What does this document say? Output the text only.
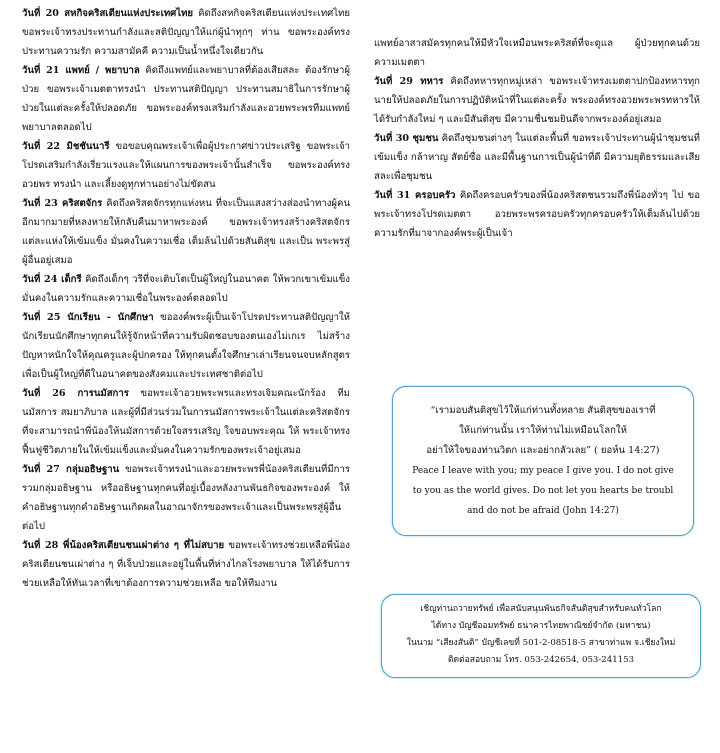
วันที่ 20 สหกิจคริสเตียนแห่งประเทศไทย คิดถึงสหกิจคริสเตียนแห่งประเทศไทย ขอพระเจ้าทรงประทานกำลังและสติปัญญาให้แก่ผู้นำทุกๆ ท่าน ขอพระองค์ทรงประทานความรัก ความสามัคคี ความเป็นน้ำหนึ่งใจเดียวกัน

วันที่ 21 แพทย์ / พยาบาล คิดถึงแพทย์และพยาบาลที่ต้องเสียสละ ต้องรักษาผู้ป่วย ขอพระเจ้าเมตตาทรงนำ ประทานสติปัญญา ประทานสมาธิในการรักษาผู้ป่วยในแต่ละครั้งให้ปลอดภัย ขอพระองค์ทรงเสริมกำลังและอวยพระพรทีมแพทย์พยาบาลตลอดไป

วันที่ 22 มิชชันนารี ขอขอบคุณพระเจ้าเพื่อผู้ประกาศข่าวประเสริฐ ขอพระเจ้าโปรดเสริมกำลังเรี่ยวแรงและให้แผนการของพระเจ้านั้นสำเร็จ ขอพระองค์ทรงอวยพร ทรงนำ และเลี้ยงดูทุกท่านอย่างไม่ขัดสน

วันที่ 23 คริสตจักร คิดถึงคริสตจักรทุกแห่งหน ที่จะเป็นแสงสว่างส่องนำทางผู้คนอีกมากมายที่หลงหายให้กลับคืนมาหาพระองค์ ขอพระเจ้าทรงสร้างคริสตจักรแต่ละแห่งให้เข้มแข็ง มั่นคงในความเชื่อ เต็มล้นไปด้วยสันติสุข และเป็น พระพรสู่ผู้อื่นอยู่เสมอ

วันที่ 24 เด็กรี คิดถึงเด็กๆ วรีที่จะเติบโตเป็นผู้ใหญ่ในอนาคต ให้พวกเขาเข้มแข็ง มั่นคงในความรักและความเชื่อในพระองค์ตลอดไป

วันที่ 25 นักเรียน - นักศึกษา ขอองค์พระผู้เป็นเจ้าโปรดประทานสติปัญญาให้นักเรียนนักศึกษาทุกคนให้รู้จักหน้าที่ความรับผิดชอบของตนเองไม่เกเร ไม่สร้างปัญหาหนักใจให้คุณครูและผู้ปกครอง ให้ทุกคนตั้งใจศึกษาเล่าเรียนจนจบหลักสูตรเพื่อเป็นผู้ใหญ่ที่ดีในอนาคตของสังคมและประเทศชาติต่อไป

วันที่ 26 การนมัสการ ขอพระเจ้าอวยพระพรและทรงเจิมคณะนักร้อง ทีมนมัสการ สมยาภิบาล และผู้ที่มีส่วนร่วมในการนมัสการพระเจ้าในแต่ละคริสตจักร ที่จะสามารถนำพี่น้องให้นมัสการด้วยใจสรรเสริญ ใจขอบพระคุณ ให้ พระเจ้าทรงฟื้นฟูชีวิตภายในให้เข้มแข็งและมั่นคงในความรักของพระเจ้าอยู่เสมอ

วันที่ 27 กลุ่มอธิษฐาน ขอพระเจ้าทรงนำและอวยพระพรพี่น้องคริสเตียนที่มีการรวมกลุ่มอธิษฐาน หรืออธิษฐานทุกคนที่อยู่เบื้องหลังงานพันธกิจของพระองค์ ให้คำอธิษฐานทุกคำอธิษฐานเกิดผลในอาณาจักรของพระเจ้าและเป็นพระพรสู่ผู้อื่นต่อไป

วันที่ 28 พี่น้องคริสเตียนชนเผ่าต่าง ๆ ที่ไม่สบาย ขอพระเจ้าทรงช่วยเหลือพี่น้องคริสเตียนชนเผ่าต่าง ๆ ที่เจ็บป่วยและอยู่ในพื้นที่ห่างไกลโรงพยาบาล ให้ได้รับการช่วยเหลือให้ทันเวลาที่เขาต้องการความช่วยเหลือ ขอให้ทีมงาน

แพทย์อาสาสมัครทุกคนให้มีหัวใจเหมือนพระคริสต์ที่จะดูแล ผู้ป่วยทุกคนด้วยความเมตตา

วันที่ 29 ทหาร คิดถึงทหารทุกหมู่เหล่า ขอพระเจ้าทรงเมตตาปกป้องทหารทุกนายให้ปลอดภัยในการปฏิบัติหน้าที่ในแต่ละครั้ง พระองค์ทรงอวยพระพรทหารให้ได้รับกำลังใหม่ ๆ และมีสันติสุข มีความชื่นชมยินดีจากพระองค์อยู่เสมอ

วันที่ 30 ชุมชน คิดถึงชุมชนต่างๆ ในแต่ละพื้นที่ ขอพระเจ้าประทานผู้นำชุมชนที่เข้มแข็ง กล้าหาญ สัตย์ซื่อ และมีพื้นฐานการเป็นผู้นำที่ดี มีความยุติธรรมและเสียสละเพื่อชุมชน

วันที่ 31 ครอบครัว คิดถึงครอบครัวของพี่น้องคริสตชนรวมถึงพี่น้องทั่วๆ ไป ขอพระเจ้าทรงโปรดเมตตา อวยพระพรครอบครัวทุกครอบครัวให้เต็มล้นไปด้วยความรักที่มาจากองค์พระผู้เป็นเจ้า

“เรามอบสันติสุขไว้ให้แก่ท่านทั้งหลาย สันติสุขของเราที่
ให้แก่ท่านนั้น เราให้ท่านไม่เหมือนโลกให้
อย่าให้ใจของท่านวิตก และอย่ากลัวเลย” ( ยอห์น 14:27)
Peace I leave with you; my peace I give you. I do not give
to you as the world gives. Do not let you hearts be troubl
and do not be afraid (John 14:27)
เชิญท่านถวายทรัพย์ เพื่อสนับสนุนพันธกิจสันติสุขสำหรับคนทั่วโลก
ได้ทาง บัญชีออมทรัพย์ ธนาคารไทยพาณิชย์จำกัด (มหาชน)
ในนาม “เสียงสันติ” บัญชีเลขที่ 501-2-08518-5 สาขาท่าแพ จ.เชียงใหม่
ติดต่อสอบถาม โทร. 053-242654, 053-241153
